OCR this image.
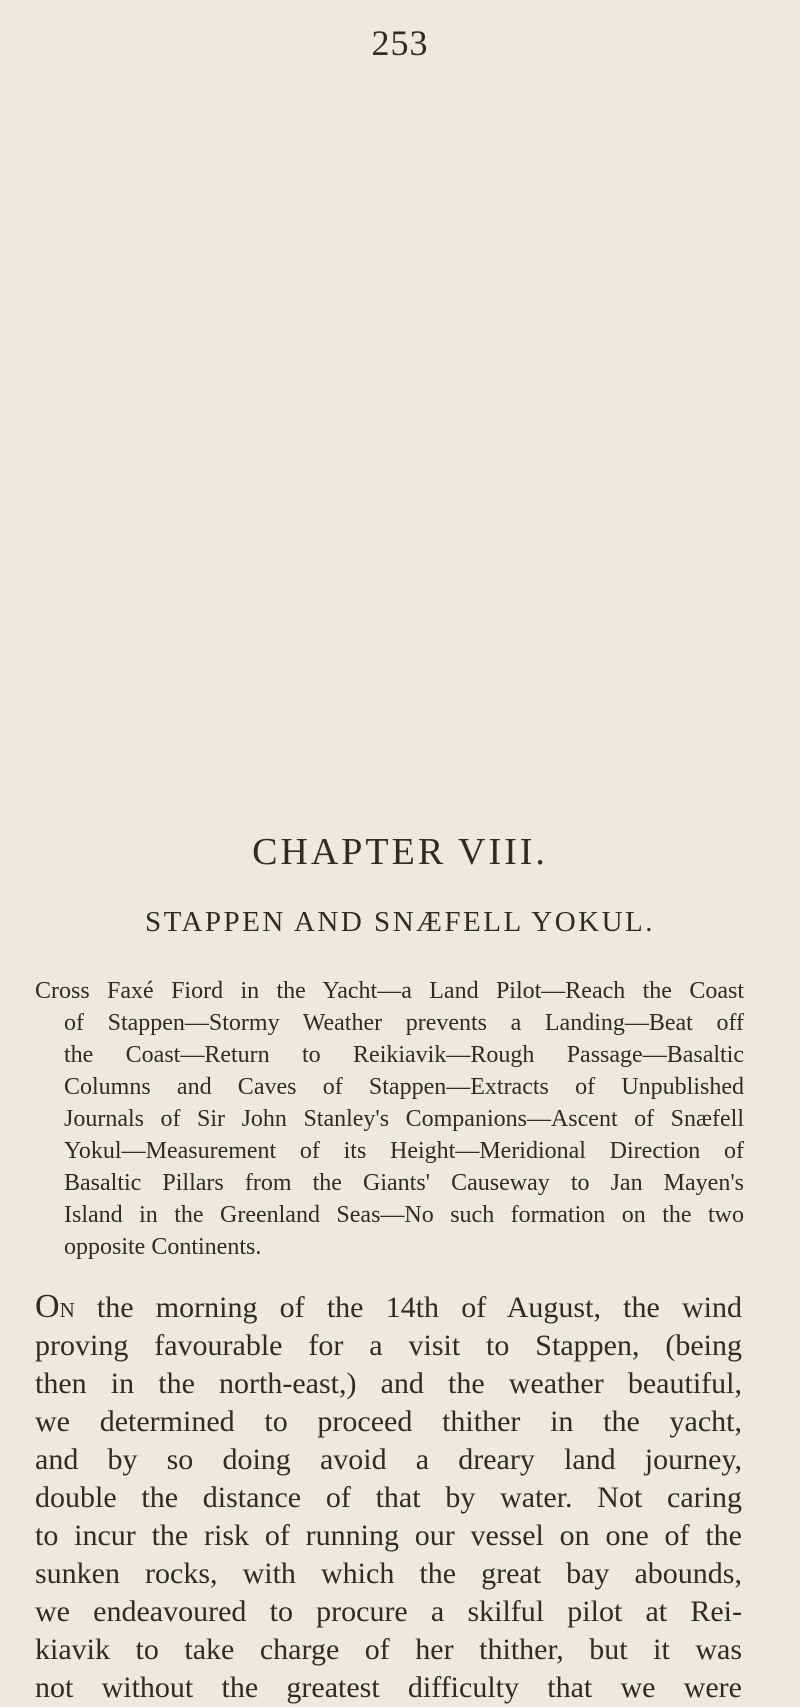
253
CHAPTER VIII.
STAPPEN AND SNÆFELL YOKUL.
Cross Faxé Fiord in the Yacht—a Land Pilot—Reach the Coast
of Stappen—Stormy Weather prevents a Landing—Beat off
the Coast—Return to Reikiavik—Rough Passage—Basaltic
Columns and Caves of Stappen—Extracts of Unpublished
Journals of Sir John Stanley's Companions—Ascent of Snæfell
Yokul—Measurement of its Height—Meridional Direction of
Basaltic Pillars from the Giants' Causeway to Jan Mayen's
Island in the Greenland Seas—No such formation on the two
opposite Continents.
On the morning of the 14th of August, the wind
proving favourable for a visit to Stappen, (being
then in the north-east,) and the weather beautiful,
we determined to proceed thither in the yacht,
and by so doing avoid a dreary land journey,
double the distance of that by water. Not caring
to incur the risk of running our vessel on one of the
sunken rocks, with which the great bay abounds,
we endeavoured to procure a skilful pilot at Rei-
kiavik to take charge of her thither, but it was
not without the greatest difficulty that we were
